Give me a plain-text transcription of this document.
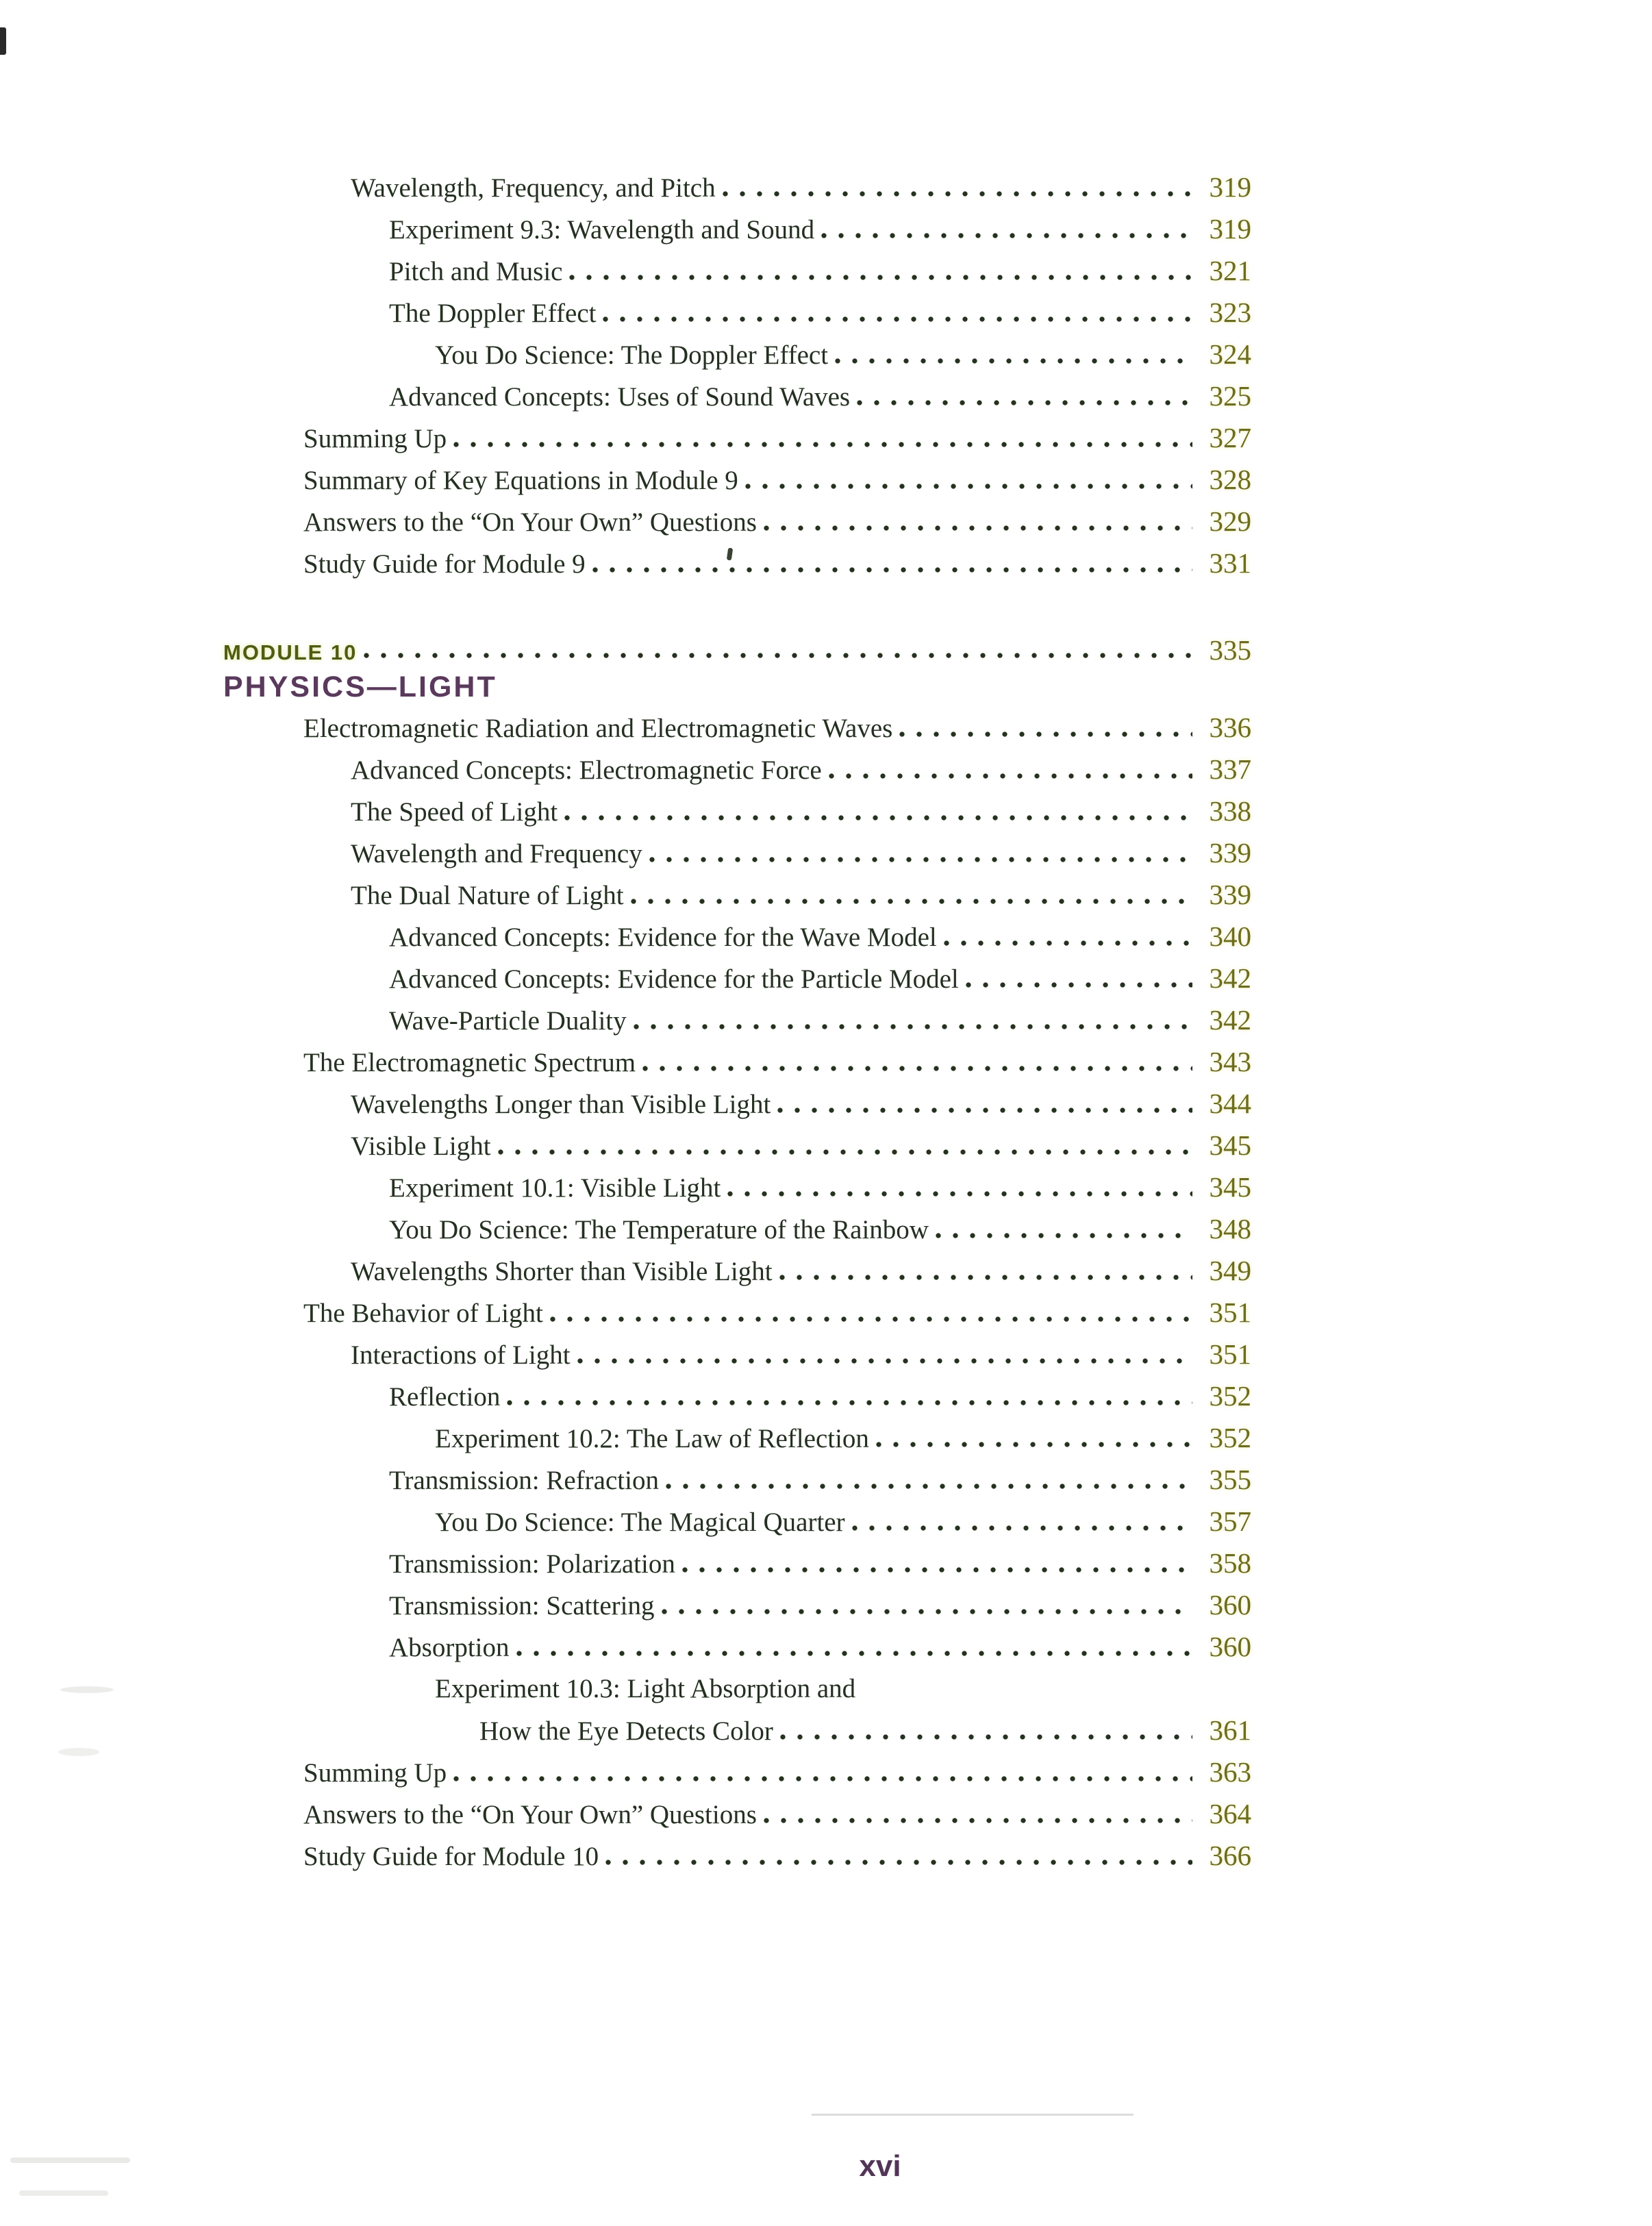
Wavelength, Frequency, and Pitch	319
Experiment 9.3: Wavelength and Sound	319
Pitch and Music	321
The Doppler Effect	323
You Do Science: The Doppler Effect	324
Advanced Concepts: Uses of Sound Waves	325
Summing Up	327
Summary of Key Equations in Module 9	328
Answers to the “On Your Own” Questions	329
Study Guide for Module 9	331
MODULE 10	335
PHYSICS—LIGHT
Electromagnetic Radiation and Electromagnetic Waves	336
Advanced Concepts: Electromagnetic Force	337
The Speed of Light	338
Wavelength and Frequency	339
The Dual Nature of Light	339
Advanced Concepts: Evidence for the Wave Model	340
Advanced Concepts: Evidence for the Particle Model	342
Wave-Particle Duality	342
The Electromagnetic Spectrum	343
Wavelengths Longer than Visible Light	344
Visible Light	345
Experiment 10.1: Visible Light	345
You Do Science: The Temperature of the Rainbow	348
Wavelengths Shorter than Visible Light	349
The Behavior of Light	351
Interactions of Light	351
Reflection	352
Experiment 10.2: The Law of Reflection	352
Transmission: Refraction	355
You Do Science: The Magical Quarter	357
Transmission: Polarization	358
Transmission: Scattering	360
Absorption	360
Experiment 10.3: Light Absorption and
How the Eye Detects Color	361
Summing Up	363
Answers to the “On Your Own” Questions	364
Study Guide for Module 10	366
xvi
